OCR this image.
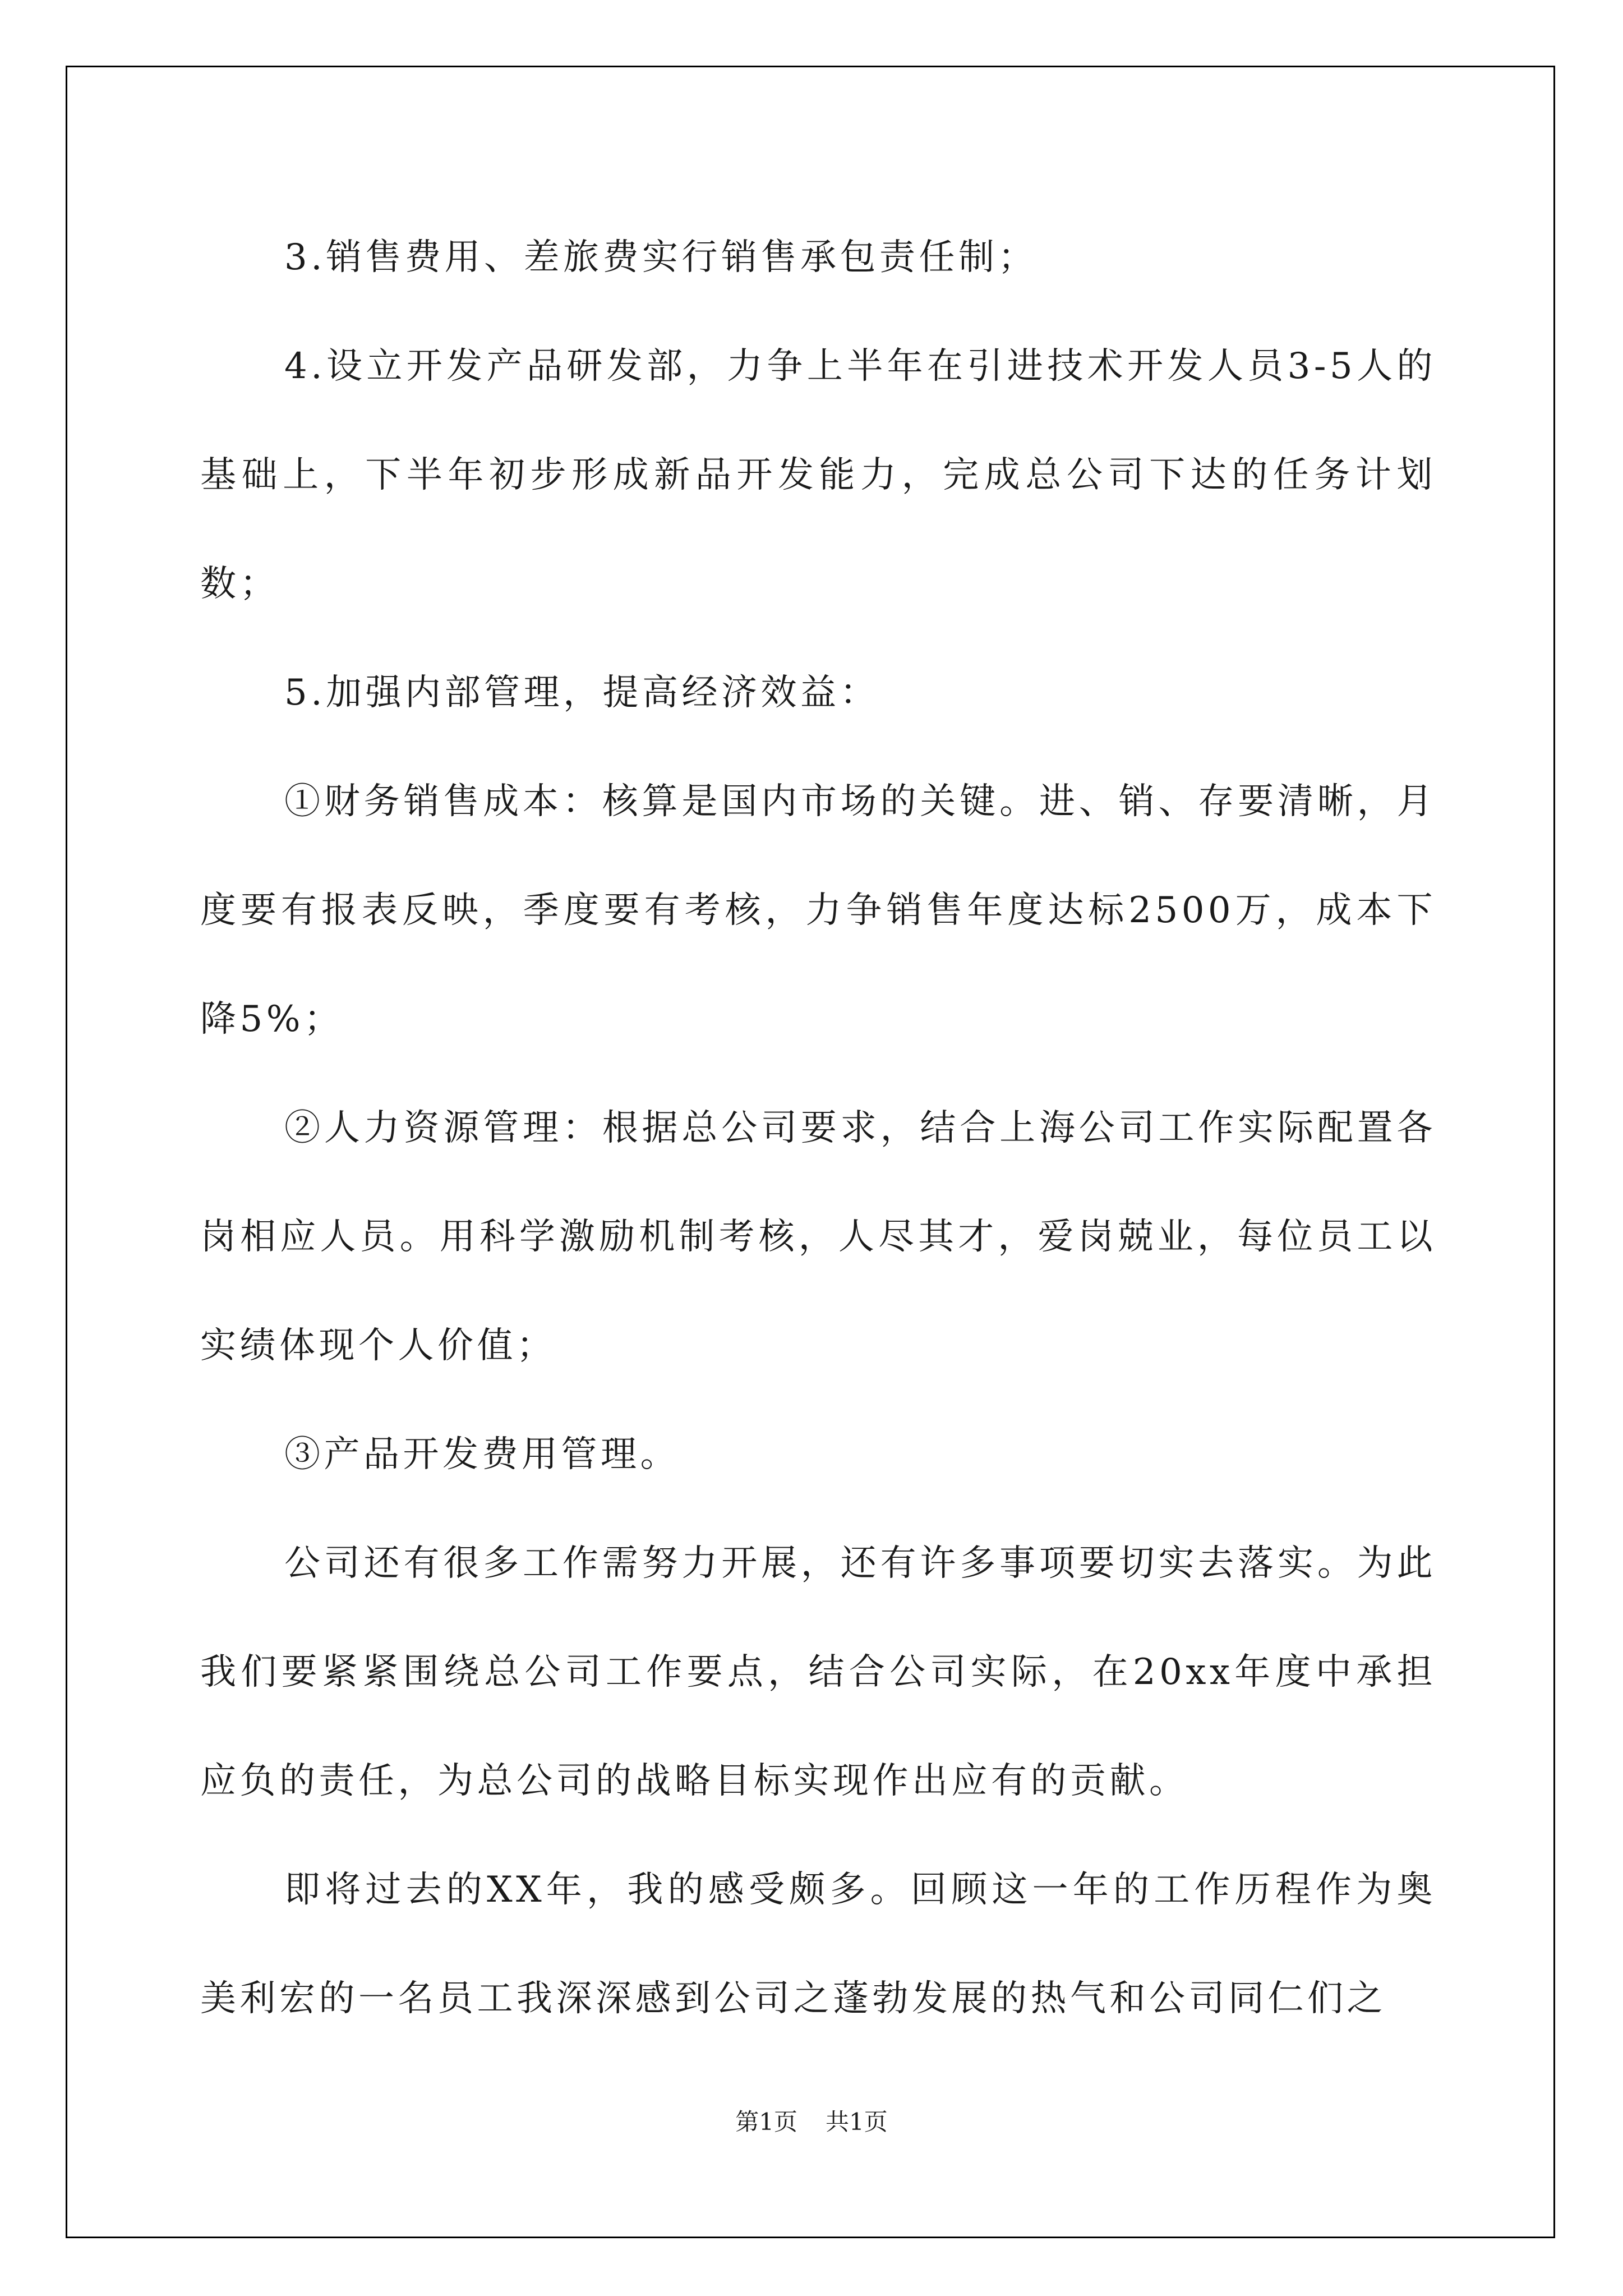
3.销售费用、差旅费实行销售承包责任制；

4.设立开发产品研发部，力争上半年在引进技术开发人员3-5人的基础上，下半年初步形成新品开发能力，完成总公司下达的任务计划数；

5.加强内部管理，提高经济效益：

①财务销售成本：核算是国内市场的关键。进、销、存要清晰，月度要有报表反映，季度要有考核，力争销售年度达标2500万，成本下降5%；

②人力资源管理：根据总公司要求，结合上海公司工作实际配置各岗相应人员。用科学激励机制考核，人尽其才，爱岗兢业，每位员工以实绩体现个人价值；

③产品开发费用管理。

公司还有很多工作需努力开展，还有许多事项要切实去落实。为此我们要紧紧围绕总公司工作要点，结合公司实际，在20xx年度中承担应负的责任，为总公司的战略目标实现作出应有的贡献。

即将过去的XX年，我的感受颇多。回顾这一年的工作历程作为奥美利宏的一名员工我深深感到公司之蓬勃发展的热气和公司同仁们之

第1页 共1页
